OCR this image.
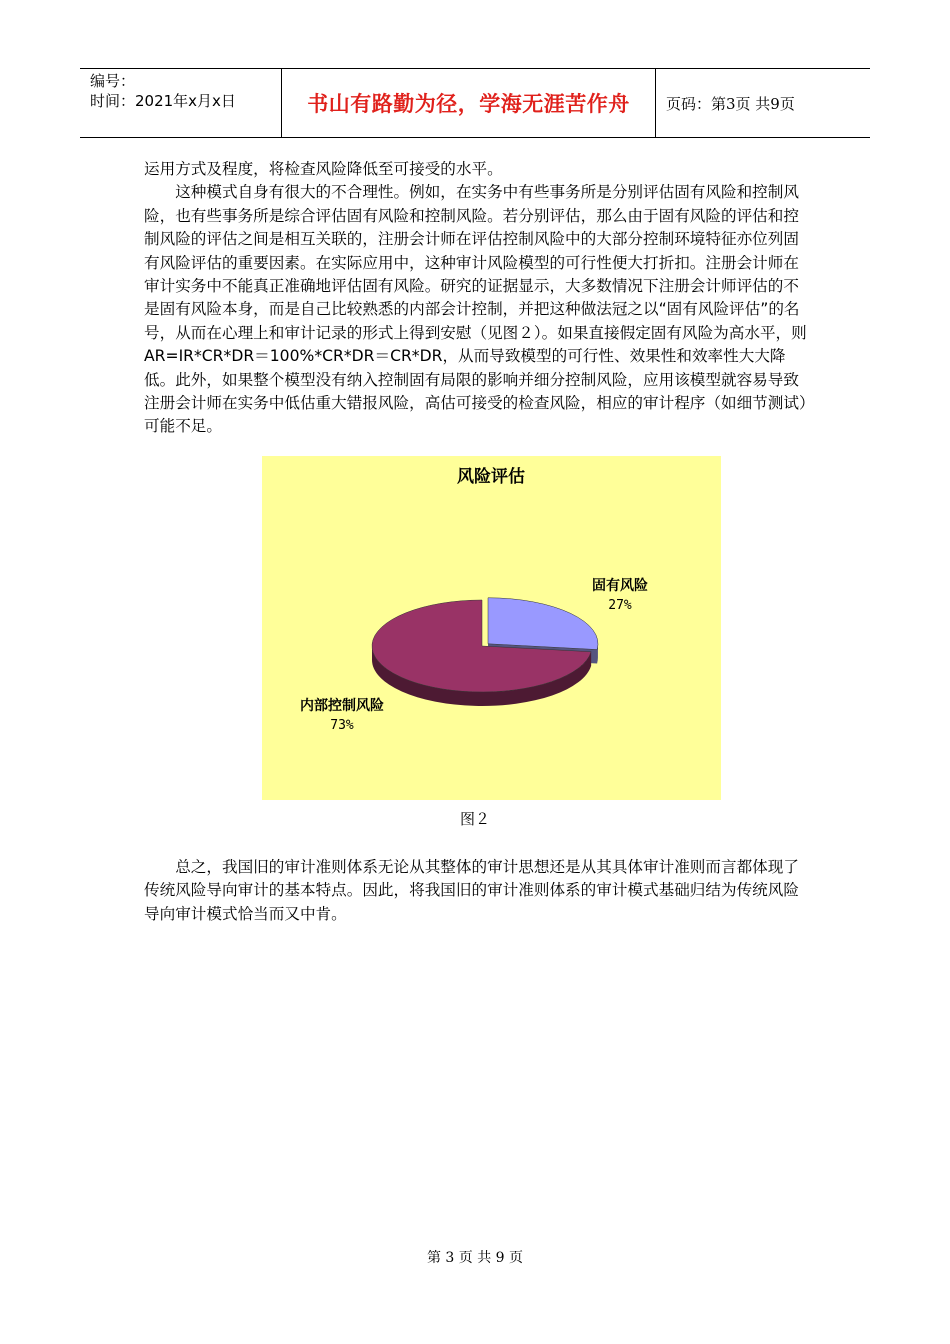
编号：
时间：2021年x月x日	书山有路勤为径，学海无涯苦作舟 页码：第3页 共9页

运用方式及程度，将检查风险降低至可接受的水平。

这种模式自身有很大的不合理性。例如，在实务中有些事务所是分别评估固有风险和控制风险，也有些事务所是综合评估固有风险和控制风险。若分别评估，那么由于固有风险的评估和控制风险的评估之间是相互关联的，注册会计师在评估控制风险中的大部分控制环境特征亦位列固有风险评估的重要因素。在实际应用中，这种审计风险模型的可行性便大打折扣。注册会计师在审计实务中不能真正准确地评估固有风险。研究的证据显示，大多数情况下注册会计师评估的不是固有风险本身，而是自己比较熟悉的内部会计控制，并把这种做法冠之以“固有风险评估”的名号，从而在心理上和审计记录的形式上得到安慰（见图２）。如果直接假定固有风险为高水平，则 AR=IR*CR*DR＝100%*CR*DR＝CR*DR，从而导致模型的可行性、效果性和效率性大大降低。此外，如果整个模型没有纳入控制固有局限的影响并细分控制风险，应用该模型就容易导致注册会计师在实务中低估重大错报风险，高估可接受的检查风险，相应的审计程序（如细节测试）可能不足。

风险评估
固有风险
27%
内部控制风险
73%
图２

总之，我国旧的审计准则体系无论从其整体的审计思想还是从其具体审计准则而言都体现了传统风险导向审计的基本特点。因此，将我国旧的审计准则体系的审计模式基础归结为传统风险导向审计模式恰当而又中肯。

第 3 页 共 9 页
